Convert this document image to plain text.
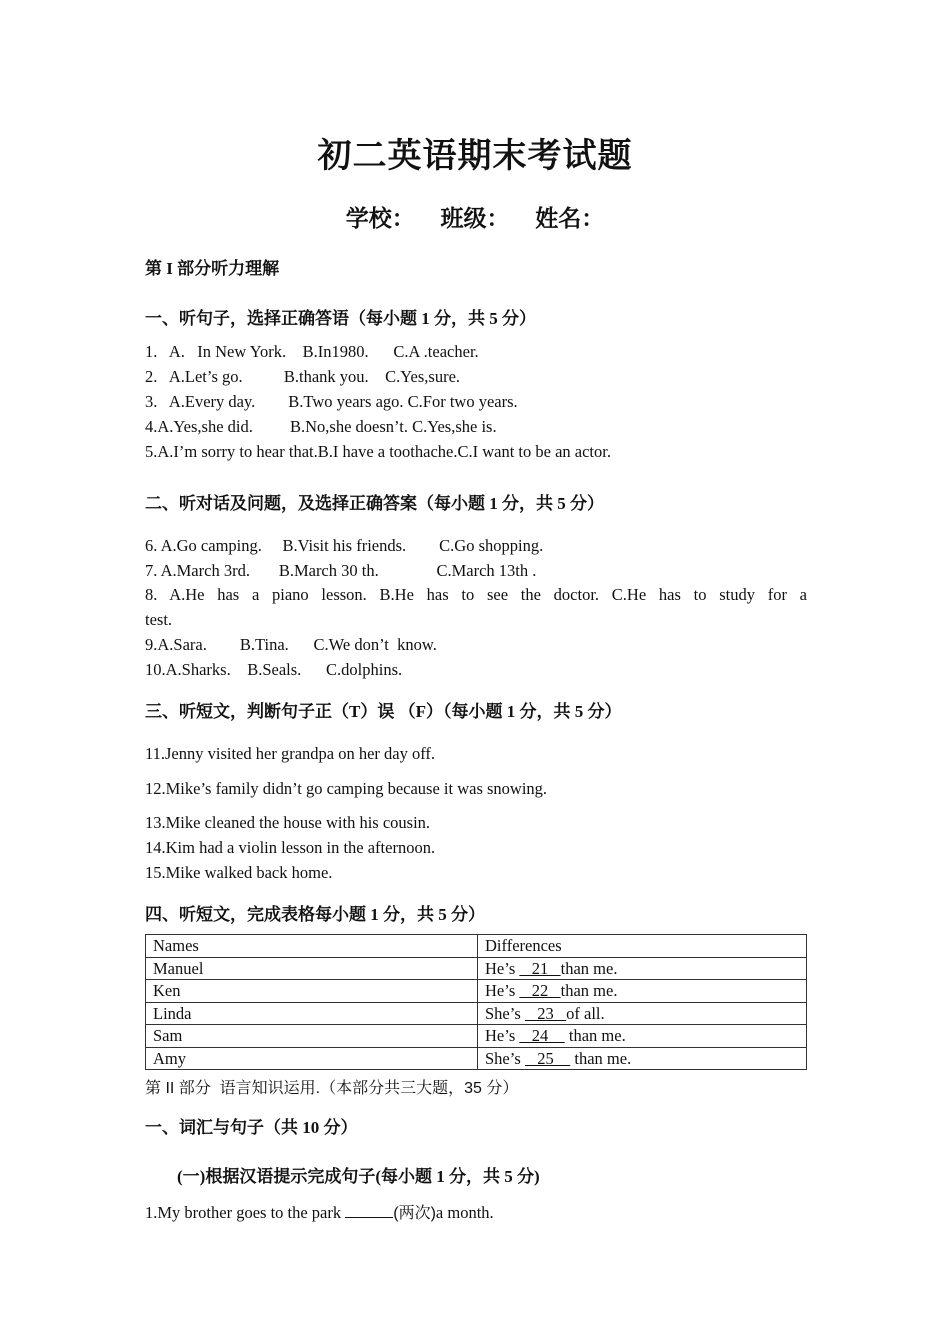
初二英语期末考试题
学校： 班级： 姓名：
第 I 部分听力理解
一、听句子，选择正确答语（每小题 1 分，共 5 分）
1.   A.   In New York.    B.In1980.      C.A .teacher.
2.   A.Let’s go.          B.thank you.    C.Yes,sure.
3.   A.Every day.        B.Two years ago. C.For two years.
4.A.Yes,she did.         B.No,she doesn’t. C.Yes,she is.
5.A.I’m sorry to hear that.B.I have a toothache.C.I want to be an actor.
二、听对话及问题，及选择正确答案（每小题 1 分，共 5 分）
6. A.Go camping.     B.Visit his friends.        C.Go shopping.
7. A.March 3rd.       B.March 30 th.              C.March 13th .
8. A.He has a piano lesson. B.He has to see the doctor. C.He has to study for a
test.
9.A.Sara.        B.Tina.      C.We don’t  know.
10.A.Sharks.    B.Seals.      C.dolphins.
三、听短文，判断句子正（T）误 （F）（每小题 1 分，共 5 分）
11.Jenny visited her grandpa on her day off.
12.Mike’s family didn’t go camping because it was snowing.
13.Mike cleaned the house with his cousin.
14.Kim had a violin lesson in the afternoon.
15.Mike walked back home.
四、听短文，完成表格每小题 1 分，共 5 分）
Names	Differences
Manuel	He’s    21   than me.
Ken	He’s    22   than me.
Linda	She’s    23   of all.
Sam	He’s    24     than me.
Amy	She’s    25     than me.
第 II 部分  语言知识运用.（本部分共三大题，35 分）
一、词汇与句子（共 10 分）
(一)根据汉语提示完成句子(每小题 1 分，共 5 分)
1.My brother goes to the park	(两次)a month.
